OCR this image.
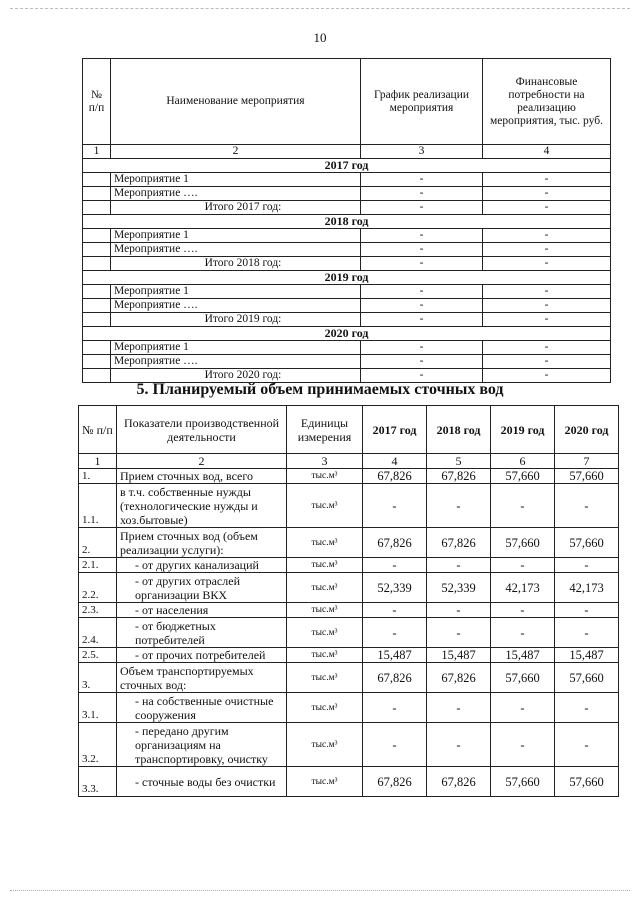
10
№ п/п	Наименование мероприятия	График реализации мероприятия	Финансовые потребности на реализацию мероприятия, тыс. руб.
1	2	3	4
2017 год			
	Мероприятие 1	-	-
	Мероприятие ….	-	-
	Итого 2017 год:	-	-
2018 год			
	Мероприятие 1	-	-
	Мероприятие ….	-	-
	Итого 2018 год:	-	-
2019 год			
	Мероприятие 1	-	-
	Мероприятие ….	-	-
	Итого 2019 год:	-	-
2020 год			
	Мероприятие 1	-	-
	Мероприятие ….	-	-
	Итого 2020 год:	-	-
5. Планируемый объем принимаемых сточных вод
№ п/п	Показатели производственной деятельности	Единицы измерения	2017 год	2018 год	2019 год	2020 год
1	2	3	4	5	6	7
1.	Прием сточных вод, всего	тыс.м³	67,826	67,826	57,660	57,660
1.1.	в т.ч. собственные нужды (технологические нужды и хоз.бытовые)	тыс.м³	-	-	-	-
2.	Прием сточных вод (объем реализации услуги):	тыс.м³	67,826	67,826	57,660	57,660
2.1.	- от других канализаций	тыс.м³	-	-	-	-
2.2.	- от других отраслей организации ВКХ	тыс.м³	52,339	52,339	42,173	42,173
2.3.	- от населения	тыс.м³	-	-	-	-
2.4.	- от бюджетных потребителей	тыс.м³	-	-	-	-
2.5.	- от прочих потребителей	тыс.м³	15,487	15,487	15,487	15,487
3.	Объем транспортируемых сточных вод:	тыс.м³	67,826	67,826	57,660	57,660
3.1.	- на собственные очистные сооружения	тыс.м³	-	-	-	-
3.2.	- передано другим организациям на транспортировку, очистку	тыс.м³	-	-	-	-
3.3.	- сточные воды без очистки	тыс.м³	67,826	67,826	57,660	57,660
